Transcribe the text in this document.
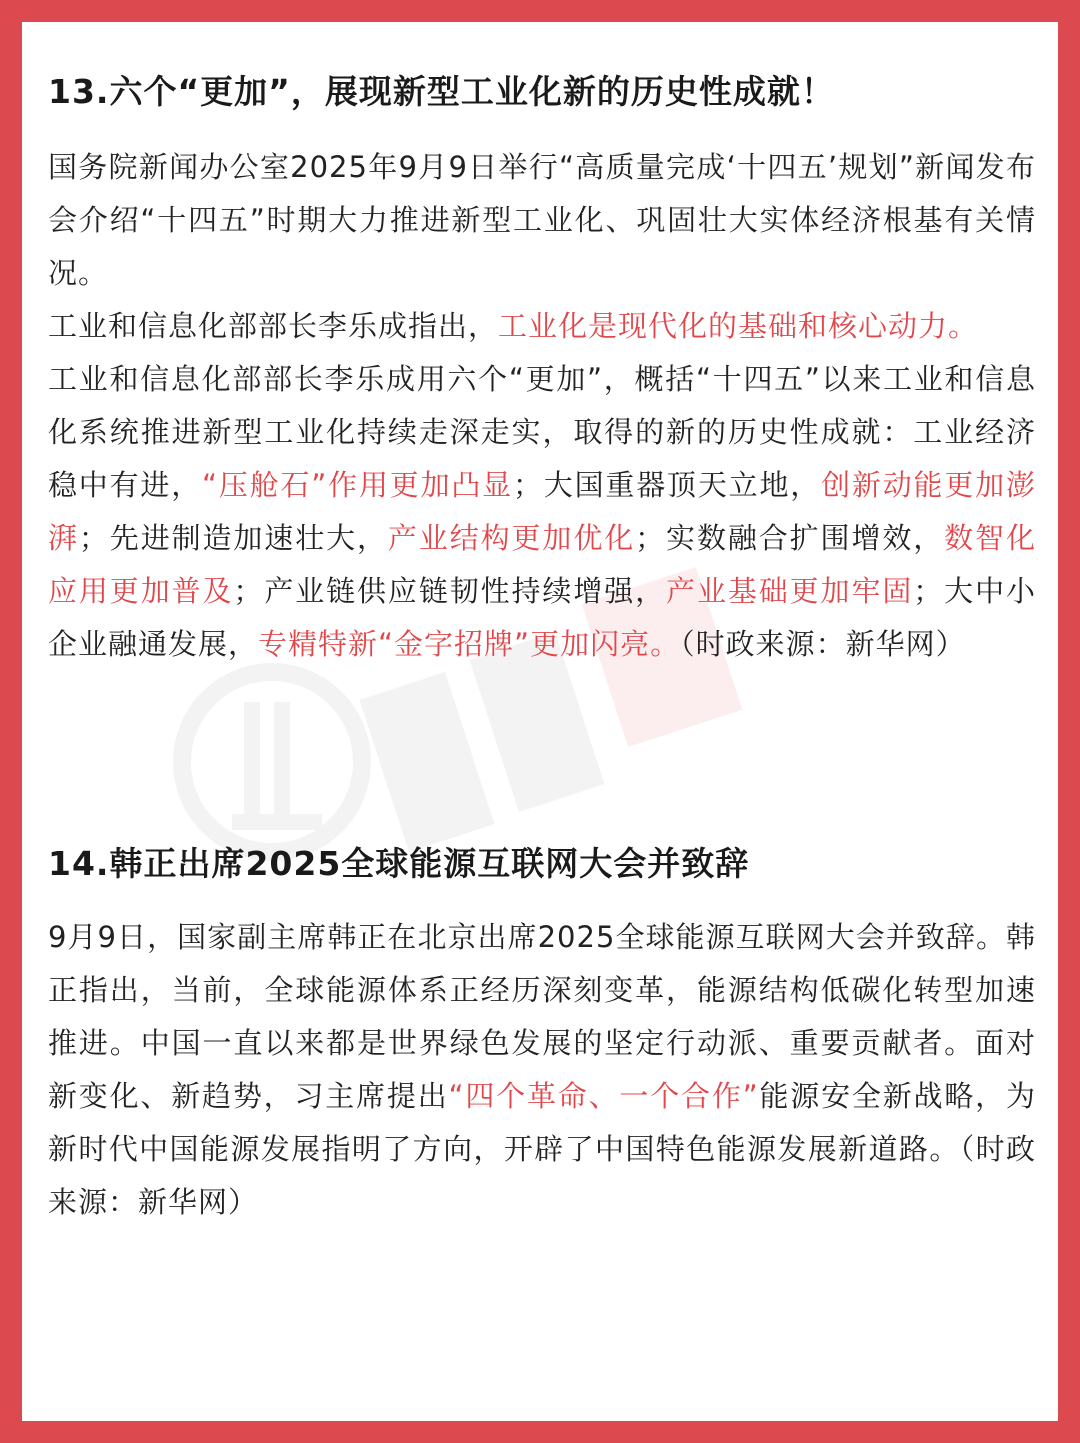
13.六个“更加”，展现新型工业化新的历史性成就！
国务院新闻办公室2025年9月9日举行“高质量完成‘十四五’规划”新闻发布会介绍“十四五”时期大力推进新型工业化、巩固壮大实体经济根基有关情况。
工业和信息化部部长李乐成指出，工业化是现代化的基础和核心动力。
工业和信息化部部长李乐成用六个“更加”，概括“十四五”以来工业和信息化系统推进新型工业化持续走深走实，取得的新的历史性成就：工业经济稳中有进，“压舱石”作用更加凸显；大国重器顶天立地，创新动能更加澎湃；先进制造加速壮大，产业结构更加优化；实数融合扩围增效，数智化应用更加普及；产业链供应链韧性持续增强，产业基础更加牢固；大中小企业融通发展，专精特新“金字招牌”更加闪亮。（时政来源：新华网）
14.韩正出席2025全球能源互联网大会并致辞
9月9日，国家副主席韩正在北京出席2025全球能源互联网大会并致辞。韩正指出，当前，全球能源体系正经历深刻变革，能源结构低碳化转型加速推进。中国一直以来都是世界绿色发展的坚定行动派、重要贡献者。面对新变化、新趋势，习主席提出“四个革命、一个合作”能源安全新战略，为新时代中国能源发展指明了方向，开辟了中国特色能源发展新道路。（时政来源：新华网）
